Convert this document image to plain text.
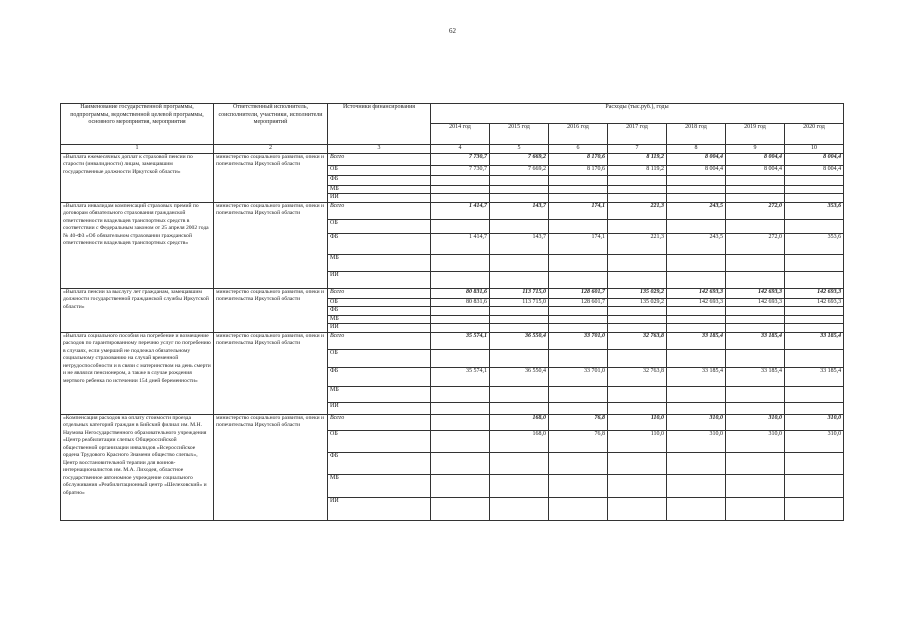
62
Наименование государственной программы, подпрограммы, ведомственной целевой программы, основного мероприятия, мероприятия	Ответственный исполнитель, соисполнители, участники, исполнители мероприятий	Источники финансирования	Расходы (тыс.руб.), годы						
			2014 год	2015 год	2016 год	2017 год	2018 год	2019 год	2020 год
1	2	3	4	5	6	7	8	9	10
«Выплата ежемесячных доплат к страховой пенсии по старости (инвалидности) лицам, замещавшим государственные должности Иркутской области»	министерство социального развития, опеки и попечительства Иркутской области	Всего	7 730,7	7 669,2	8 170,6	8 119,2	8 004,4	8 004,4	8 004,4
		ОБ	7 730,7	7 669,2	8 170,6	8 119,2	8 004,4	8 004,4	8 004,4
		ФБ							
		МБ							
		ИИ							
«Выплата инвалидам компенсаций страховых премий по договорам обязательного страхования гражданской ответственности владельцев транспортных средств в соответствии с Федеральным законом от 25 апреля 2002 года № 40-ФЗ «Об обязательном страховании гражданской ответственности владельцев транспортных средств»	министерство социального развития, опеки и попечительства Иркутской области	Всего	1 414,7	143,7	174,1	221,3	243,5	272,0	353,6
		ОБ							
		ФБ	1 414,7	143,7	174,1	221,3	243,5	272,0	353,6
		МБ							
		ИИ							
«Выплата пенсии за выслугу лет гражданам, замещавшим должности государственной гражданской службы Иркутской области»	министерство социального развития, опеки и попечительства Иркутской области	Всего	80 831,6	113 715,0	128 601,7	135 029,2	142 693,3	142 693,3	142 693,3
		ОБ	80 831,6	113 715,0	128 601,7	135 029,2	142 693,3	142 693,3	142 693,3
		ФБ							
		МБ							
		ИИ							
«Выплата социального пособия на погребение и возмещение расходов по гарантированному перечню услуг по погребению в случаях, если умерший не подлежал обязательному социальному страхованию на случай временной нетрудоспособности и в связи с материнством на день смерти и не являлся пенсионером, а также в случае рождения мертвого ребенка по истечении 154 дней беременности»	министерство социального развития, опеки и попечительства Иркутской области	Всего	35 574,1	36 550,4	33 701,0	32 763,8	33 185,4	33 185,4	33 185,4
		ОБ							
		ФБ	35 574,1	36 550,4	33 701,0	32 763,8	33 185,4	33 185,4	33 185,4
		МБ							
		ИИ							
«Компенсация расходов на оплату стоимости проезда отдельных категорий граждан в Бийский филиал им. М.Н. Наумова Негосударственного образовательного учреждения «Центр реабилитации слепых Общероссийской общественной организации инвалидов «Всероссийское ордена Трудового Красного Знамени общество слепых», Центр восстановительной терапии для воинов-интернационалистов им. М.А. Лиходея, областное государственное автономное учреждение социального обслуживания «Реабилитационный центр «Шелеховский» и обратно»	министерство социального развития, опеки и попечительства Иркутской области	Всего		168,0	76,8	110,0	310,0	310,0	310,0
		ОБ		168,0	76,8	110,0	310,0	310,0	310,0
		ФБ							
		МБ							
		ИИ							
